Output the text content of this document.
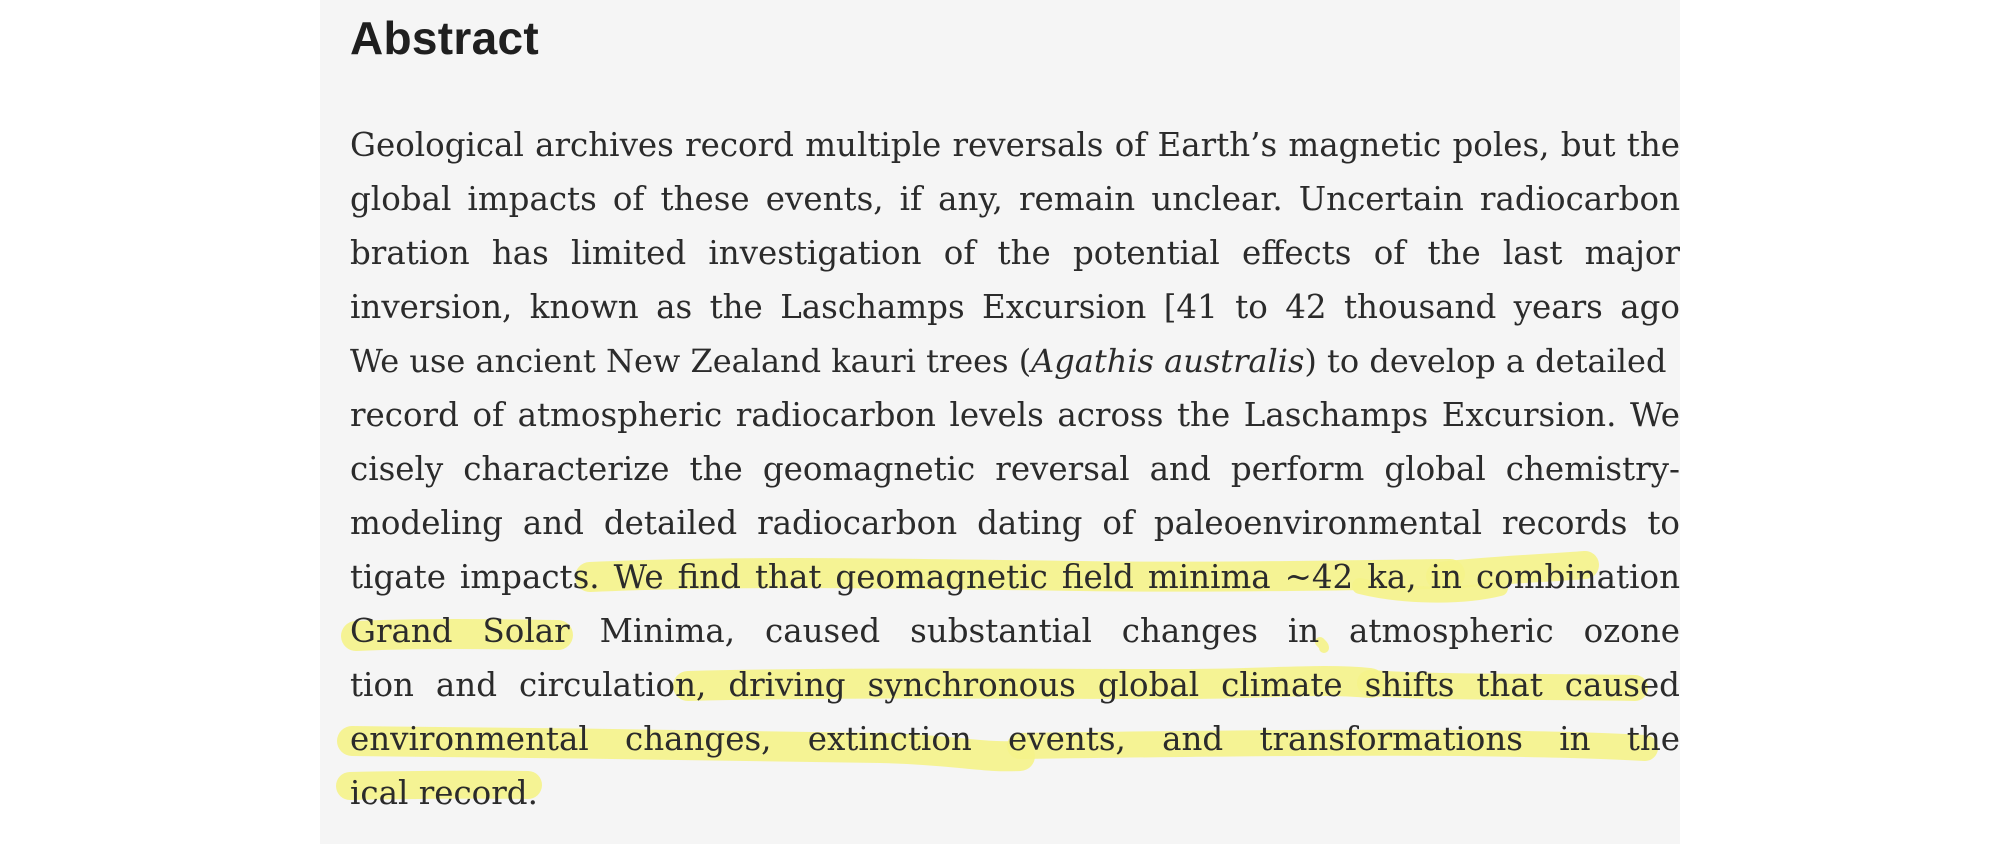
Abstract

Geological archives record multiple reversals of Earth’s magnetic poles, but the
global impacts of these events, if any, remain unclear. Uncertain radiocarbon
bration has limited investigation of the potential effects of the last major
inversion, known as the Laschamps Excursion [41 to 42 thousand years ago
We use ancient New Zealand kauri trees (Agathis australis) to develop a detailed
record of atmospheric radiocarbon levels across the Laschamps Excursion. We
cisely characterize the geomagnetic reversal and perform global chemistry-
modeling and detailed radiocarbon dating of paleoenvironmental records to
tigate impacts. We find that geomagnetic field minima ~42 ka, in combination
Grand Solar Minima, caused substantial changes in atmospheric ozone
tion and circulation, driving synchronous global climate shifts that caused
environmental changes, extinction events, and transformations in the
ical record.
